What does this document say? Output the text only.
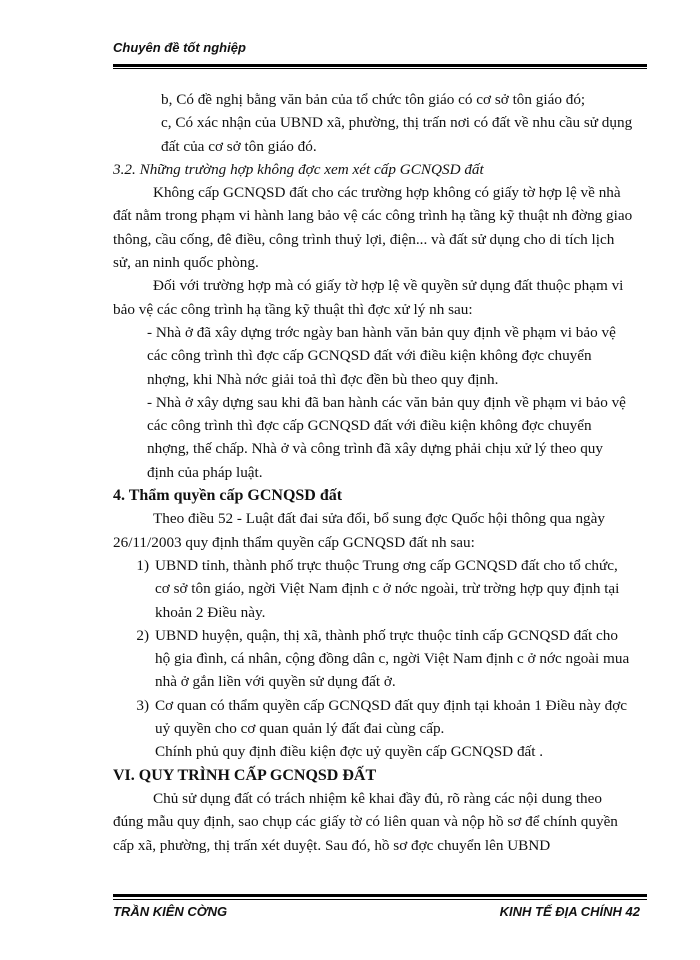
Chuyên đề tốt nghiệp

b, Có đề nghị bằng văn bản của tổ chức tôn giáo có cơ sở tôn giáo đó;

c, Có xác nhận của UBND xã, phường, thị trấn nơi có đất về nhu cầu sử dụng đất của cơ sở tôn giáo đó.

3.2. Những trường hợp không đợc xem xét cấp GCNQSD đất

Không cấp GCNQSD đất cho các trường hợp không có giấy tờ hợp lệ về nhà đất nằm trong phạm vi hành lang bảo vệ các công trình hạ tầng kỹ thuật nh đờng giao thông, cầu cống, đê điều, công trình thuỷ lợi, điện... và đất sử dụng cho di tích lịch sử, an ninh quốc phòng.

Đối với trường hợp mà có giấy tờ hợp lệ về quyền sử dụng đất thuộc phạm vi bảo vệ các công trình hạ tầng kỹ thuật thì đợc xử lý nh sau:

- Nhà ở đã xây dựng trớc ngày ban hành văn bản quy định về phạm vi bảo vệ các công trình thì đợc cấp GCNQSD đất với điều kiện không đợc chuyển nhợng, khi Nhà nớc giải toả thì đợc đền bù theo quy định.

- Nhà ở xây dựng sau khi đã ban hành các văn bản quy định về phạm vi bảo vệ các công trình thì đợc cấp GCNQSD đất với điều kiện không đợc chuyển nhợng, thế chấp. Nhà ở và công trình đã xây dựng phải chịu xử lý theo quy định của pháp luật.

4. Thẩm quyền cấp GCNQSD đất

Theo điều 52 - Luật đất đai sửa đổi, bổ sung đợc Quốc hội thông qua ngày 26/11/2003 quy định thẩm quyền cấp GCNQSD đất nh sau:

1) UBND tỉnh, thành phố trực thuộc Trung ơng cấp GCNQSD đất cho tổ chức, cơ sở tôn giáo, ngời Việt Nam định c ở nớc ngoài, trừ trờng hợp quy định tại khoản 2 Điều này.
2) UBND huyện, quận, thị xã, thành phố trực thuộc tỉnh cấp GCNQSD đất cho hộ gia đình, cá nhân, cộng đồng dân c, ngời Việt Nam định c ở nớc ngoài mua nhà ở gắn liền với quyền sử dụng đất ở.
3) Cơ quan có thẩm quyền cấp GCNQSD đất quy định tại khoản 1 Điều này đợc uỷ quyền cho cơ quan quản lý đất đai cùng cấp.

Chính phủ quy định điều kiện đợc uỷ quyền cấp GCNQSD đất .

VI. QUY TRÌNH CẤP GCNQSD ĐẤT

Chủ sử dụng đất có trách nhiệm kê khai đầy đủ, rõ ràng các nội dung theo đúng mẫu quy định, sao chụp các giấy tờ có liên quan và nộp hồ sơ để chính quyền cấp xã, phường, thị trấn xét duyệt. Sau đó, hồ sơ đợc chuyển lên UBND

TRẦN KIÊN CỜNG	KINH TẾ ĐỊA CHÍNH 42
